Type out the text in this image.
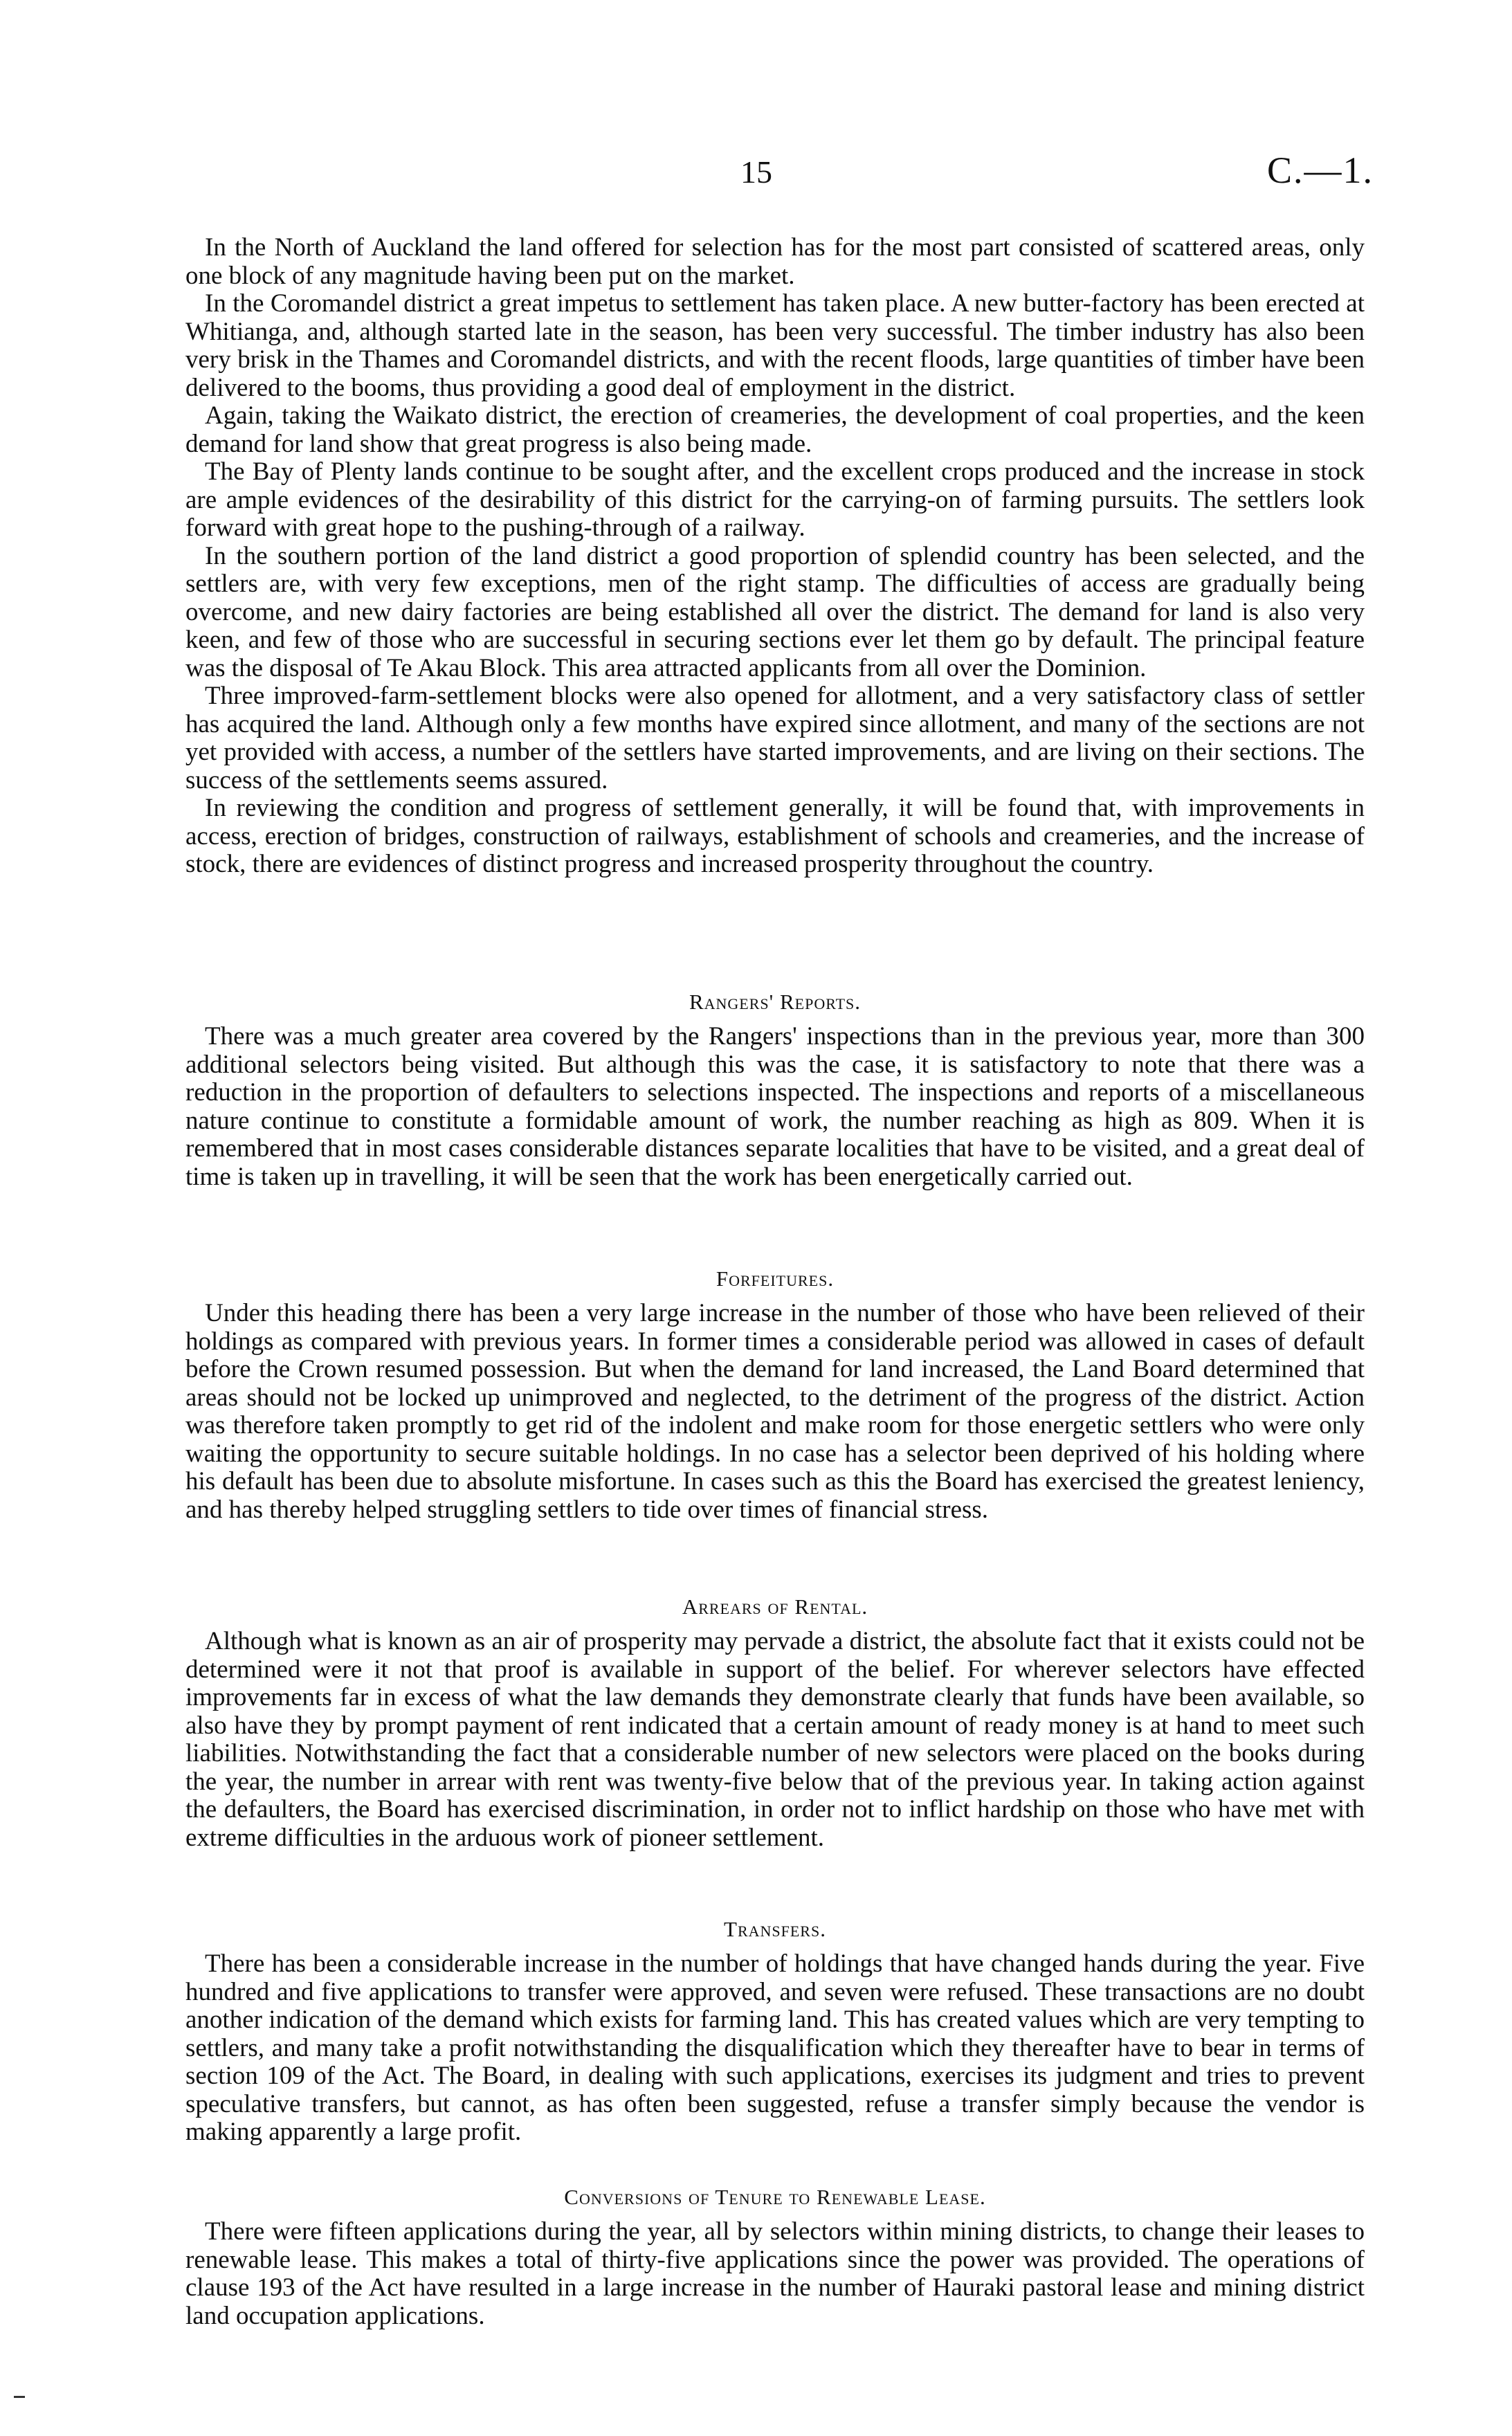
15	C.—1.

In the North of Auckland the land offered for selection has for the most part consisted of scattered areas, only one block of any magnitude having been put on the market.

In the Coromandel district a great impetus to settlement has taken place. A new butter-factory has been erected at Whitianga, and, although started late in the season, has been very successful. The timber industry has also been very brisk in the Thames and Coromandel districts, and with the recent floods, large quantities of timber have been delivered to the booms, thus providing a good deal of employment in the district.

Again, taking the Waikato district, the erection of creameries, the development of coal properties, and the keen demand for land show that great progress is also being made.

The Bay of Plenty lands continue to be sought after, and the excellent crops produced and the increase in stock are ample evidences of the desirability of this district for the carrying-on of farming pursuits. The settlers look forward with great hope to the pushing-through of a railway.

In the southern portion of the land district a good proportion of splendid country has been selected, and the settlers are, with very few exceptions, men of the right stamp. The difficulties of access are gradually being overcome, and new dairy factories are being established all over the district. The demand for land is also very keen, and few of those who are successful in securing sections ever let them go by default. The principal feature was the disposal of Te Akau Block. This area attracted applicants from all over the Dominion.

Three improved-farm-settlement blocks were also opened for allotment, and a very satisfactory class of settler has acquired the land. Although only a few months have expired since allotment, and many of the sections are not yet provided with access, a number of the settlers have started improvements, and are living on their sections. The success of the settlements seems assured.

In reviewing the condition and progress of settlement generally, it will be found that, with improvements in access, erection of bridges, construction of railways, establishment of schools and creameries, and the increase of stock, there are evidences of distinct progress and increased prosperity throughout the country.

Rangers' Reports.

There was a much greater area covered by the Rangers' inspections than in the previous year, more than 300 additional selectors being visited. But although this was the case, it is satisfactory to note that there was a reduction in the proportion of defaulters to selections inspected. The inspections and reports of a miscellaneous nature continue to constitute a formidable amount of work, the number reaching as high as 809. When it is remembered that in most cases considerable distances separate localities that have to be visited, and a great deal of time is taken up in travelling, it will be seen that the work has been energetically carried out.

Forfeitures.

Under this heading there has been a very large increase in the number of those who have been relieved of their holdings as compared with previous years. In former times a considerable period was allowed in cases of default before the Crown resumed possession. But when the demand for land increased, the Land Board determined that areas should not be locked up unimproved and neglected, to the detriment of the progress of the district. Action was therefore taken promptly to get rid of the indolent and make room for those energetic settlers who were only waiting the opportunity to secure suitable holdings. In no case has a selector been deprived of his holding where his default has been due to absolute misfortune. In cases such as this the Board has exercised the greatest leniency, and has thereby helped struggling settlers to tide over times of financial stress.

Arrears of Rental.

Although what is known as an air of prosperity may pervade a district, the absolute fact that it exists could not be determined were it not that proof is available in support of the belief. For wherever selectors have effected improvements far in excess of what the law demands they demonstrate clearly that funds have been available, so also have they by prompt payment of rent indicated that a certain amount of ready money is at hand to meet such liabilities. Notwithstanding the fact that a considerable number of new selectors were placed on the books during the year, the number in arrear with rent was twenty-five below that of the previous year. In taking action against the defaulters, the Board has exercised discrimination, in order not to inflict hardship on those who have met with extreme difficulties in the arduous work of pioneer settlement.

Transfers.

There has been a considerable increase in the number of holdings that have changed hands during the year. Five hundred and five applications to transfer were approved, and seven were refused. These transactions are no doubt another indication of the demand which exists for farming land. This has created values which are very tempting to settlers, and many take a profit notwithstanding the disqualification which they thereafter have to bear in terms of section 109 of the Act. The Board, in dealing with such applications, exercises its judgment and tries to prevent speculative transfers, but cannot, as has often been suggested, refuse a transfer simply because the vendor is making apparently a large profit.

Conversions of Tenure to Renewable Lease.

There were fifteen applications during the year, all by selectors within mining districts, to change their leases to renewable lease. This makes a total of thirty-five applications since the power was provided. The operations of clause 193 of the Act have resulted in a large increase in the number of Hauraki pastoral lease and mining district land occupation applications.
